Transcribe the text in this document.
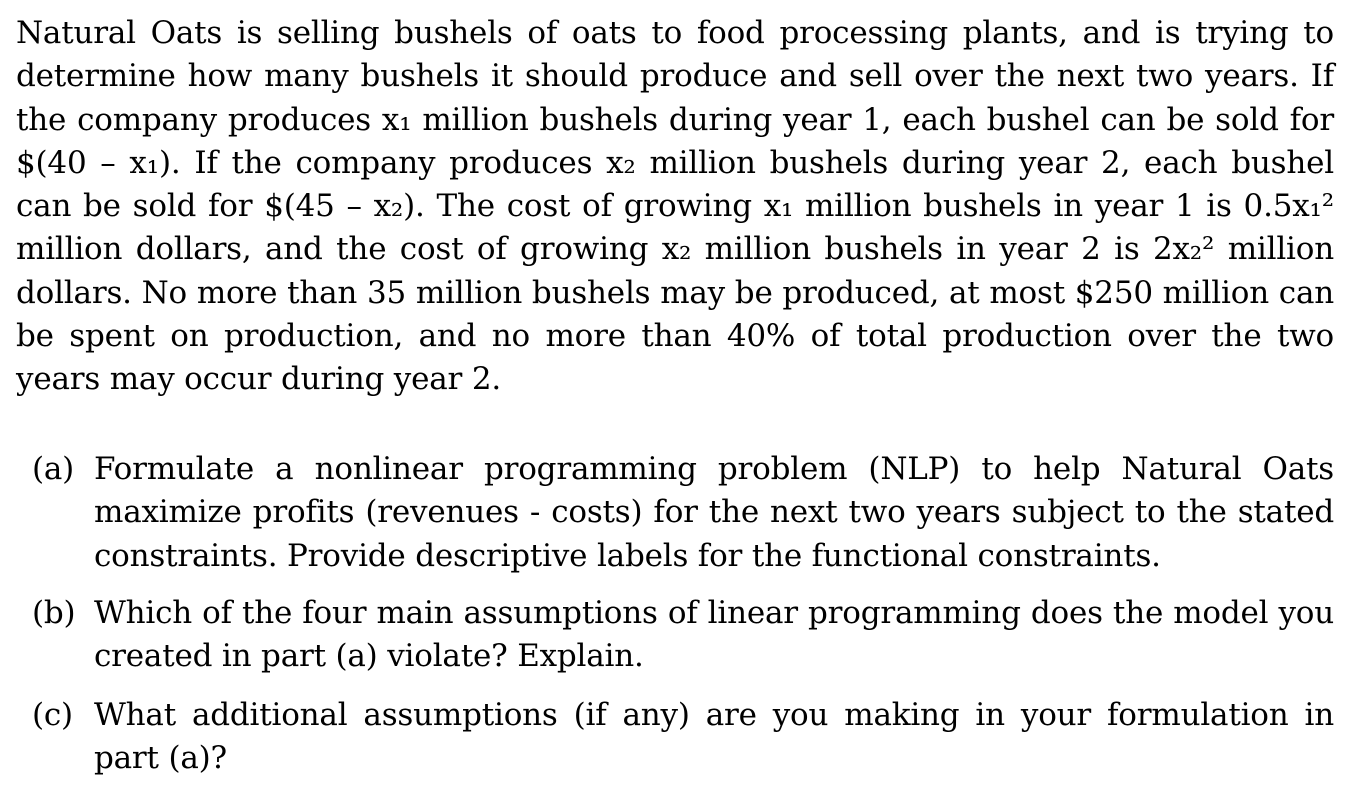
Natural Oats is selling bushels of oats to food processing plants, and is trying to determine how many bushels it should produce and sell over the next two years. If the company produces x₁ million bushels during year 1, each bushel can be sold for $(40 – x₁). If the company produces x₂ million bushels during year 2, each bushel can be sold for $(45 – x₂). The cost of growing x₁ million bushels in year 1 is 0.5x₁² million dollars, and the cost of growing x₂ million bushels in year 2 is 2x₂² million dollars. No more than 35 million bushels may be produced, at most $250 million can be spent on production, and no more than 40% of total production over the two years may occur during year 2.

(a) Formulate a nonlinear programming problem (NLP) to help Natural Oats maximize profits (revenues - costs) for the next two years subject to the stated constraints. Provide descriptive labels for the functional constraints.
(b) Which of the four main assumptions of linear programming does the model you created in part (a) violate? Explain.
(c) What additional assumptions (if any) are you making in your formulation in part (a)?
